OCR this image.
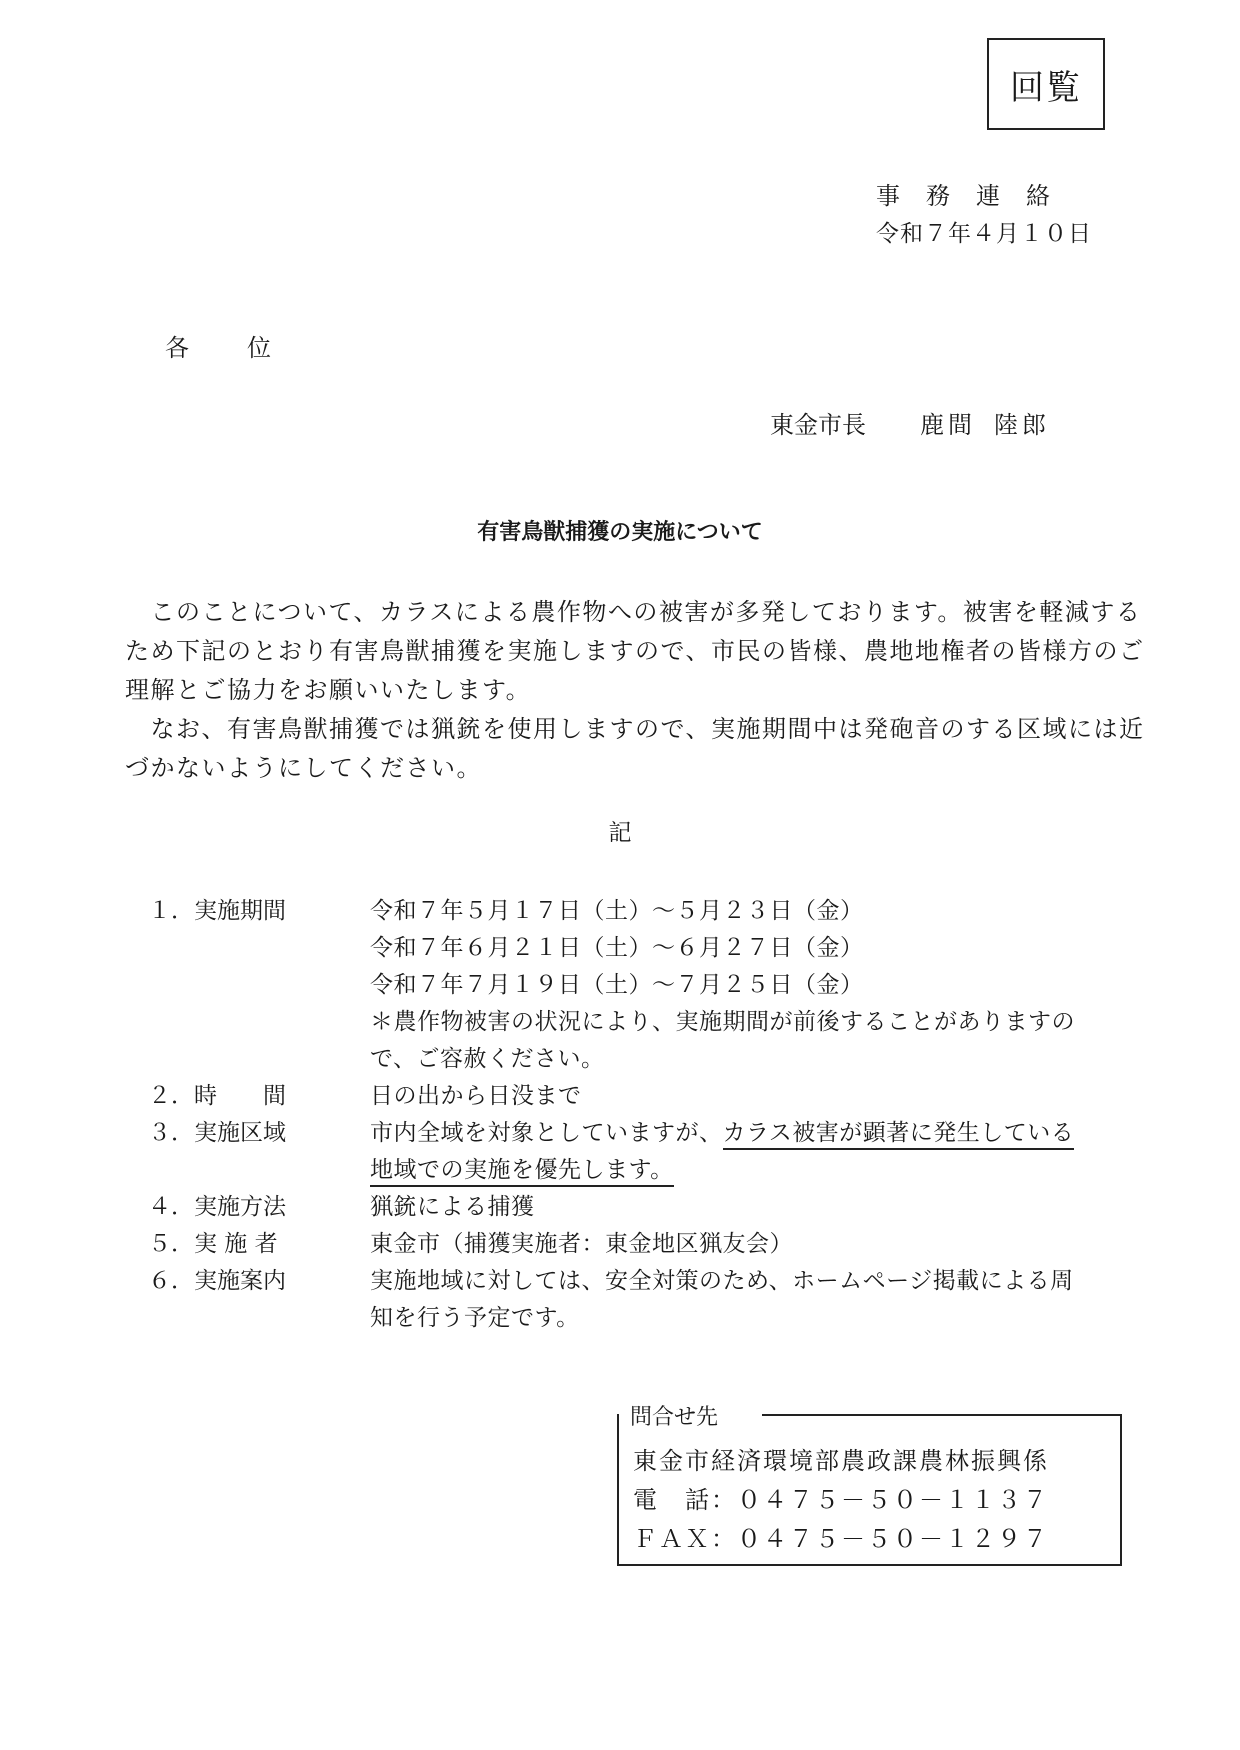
回覧
事務連絡
令和７年４月１０日
各位
東金市長 鹿間 陸郎
有害鳥獣捕獲の実施について
　このことについて、カラスによる農作物への被害が多発しております。被害を軽減する
ため下記のとおり有害鳥獣捕獲を実施しますので、市民の皆様、農地地権者の皆様方のご
理解とご協力をお願いいたします。
　なお、有害鳥獣捕獲では猟銃を使用しますので、実施期間中は発砲音のする区域には近
づかないようにしてください。
記
１． 実施期間	令和７年５月１７日（土）～５月２３日（金）
令和７年６月２１日（土）～６月２７日（金）
令和７年７月１９日（土）～７月２５日（金）
＊農作物被害の状況により、実施期間が前後することがありますの
で、ご容赦ください。
２． 時　　間	日の出から日没まで
３． 実施区域	市内全域を対象としていますが、カラス被害が顕著に発生している
地域での実施を優先します。
４． 実施方法	猟銃による捕獲
５． 実 施 者	東金市（捕獲実施者：東金地区猟友会）
６． 実施案内	実施地域に対しては、安全対策のため、ホームページ掲載による周
知を行う予定です。
問合せ先
東金市経済環境部農政課農林振興係
電　話：０４７５－５０－１１３７
ＦＡＸ：０４７５－５０－１２９７
